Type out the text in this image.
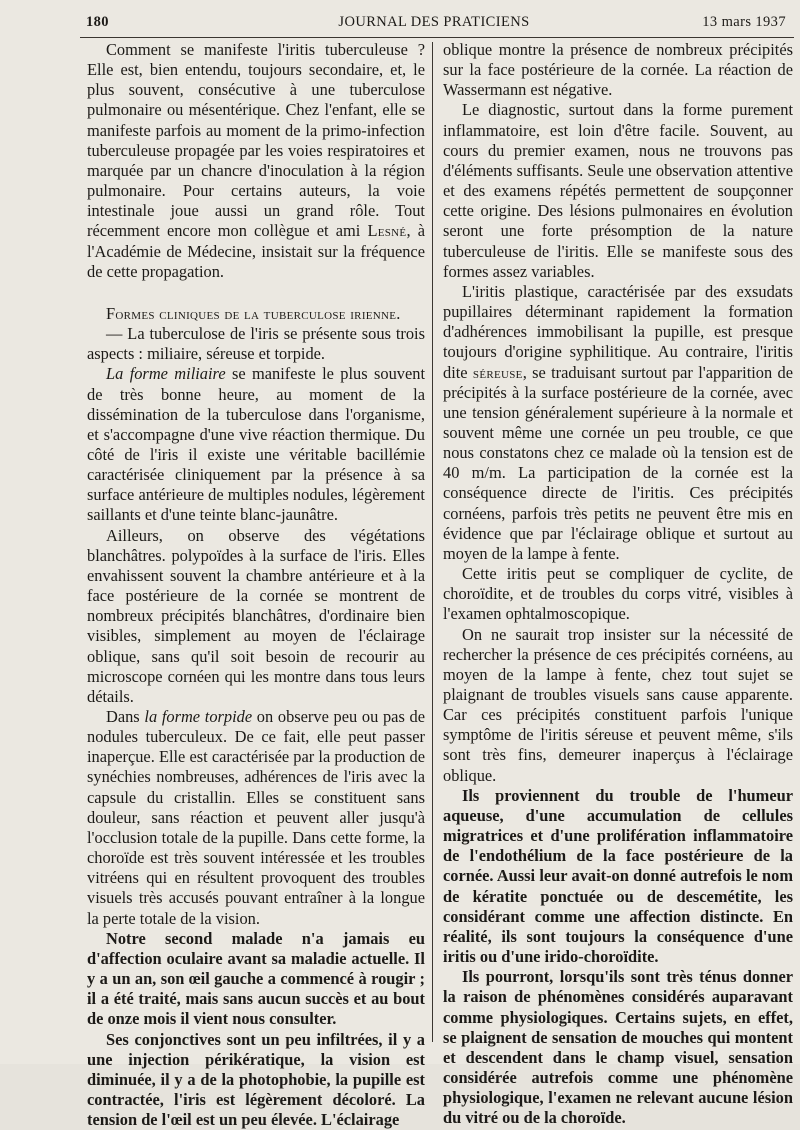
180	JOURNAL DES PRATICIENS	13 mars 1937

Comment se manifeste l'iritis tuberculeuse ? Elle est, bien entendu, toujours secondaire, et, le plus souvent, consécutive à une tuberculose pulmonaire ou mésentérique. Chez l'enfant, elle se manifeste parfois au moment de la primo-infection tuberculeuse propagée par les voies respiratoires et marquée par un chancre d'inoculation à la région pulmonaire. Pour certains auteurs, la voie intestinale joue aussi un grand rôle. Tout récemment encore mon collègue et ami Lesné, à l'Académie de Médecine, insistait sur la fréquence de cette propagation.

Formes cliniques de la tuberculose irienne.
— La tuberculose de l'iris se présente sous trois aspects : miliaire, séreuse et torpide.

La forme miliaire se manifeste le plus souvent de très bonne heure, au moment de la dissémination de la tuberculose dans l'organisme, et s'accompagne d'une vive réaction thermique. Du côté de l'iris il existe une véritable bacillémie caractérisée cliniquement par la présence à sa surface antérieure de multiples nodules, légèrement saillants et d'une teinte blanc-jaunâtre.

Ailleurs, on observe des végétations blanchâtres. polypoïdes à la surface de l'iris. Elles envahissent souvent la chambre antérieure et à la face postérieure de la cornée se montrent de nombreux précipités blanchâtres, d'ordinaire bien visibles, simplement au moyen de l'éclairage oblique, sans qu'il soit besoin de recourir au microscope cornéen qui les montre dans tous leurs détails.

Dans la forme torpide on observe peu ou pas de nodules tuberculeux. De ce fait, elle peut passer inaperçue. Elle est caractérisée par la production de synéchies nombreuses, adhérences de l'iris avec la capsule du cristallin. Elles se constituent sans douleur, sans réaction et peuvent aller jusqu'à l'occlusion totale de la pupille. Dans cette forme, la choroïde est très souvent intéressée et les troubles vitréens qui en résultent provoquent des troubles visuels très accusés pouvant entraîner à la longue la perte totale de la vision.

Notre second malade n'a jamais eu d'affection oculaire avant sa maladie actuelle. Il y a un an, son œil gauche a commencé à rougir ; il a été traité, mais sans aucun succès et au bout de onze mois il vient nous consulter.

Ses conjonctives sont un peu infiltrées, il y a une injection périkératique, la vision est diminuée, il y a de la photophobie, la pupille est contractée, l'iris est légèrement décoloré. La tension de l'œil est un peu élevée. L'éclairage

oblique montre la présence de nombreux précipités sur la face postérieure de la cornée. La réaction de Wassermann est négative.

Le diagnostic, surtout dans la forme purement inflammatoire, est loin d'être facile. Souvent, au cours du premier examen, nous ne trouvons pas d'éléments suffisants. Seule une observation attentive et des examens répétés permettent de soupçonner cette origine. Des lésions pulmonaires en évolution seront une forte présomption de la nature tuberculeuse de l'iritis. Elle se manifeste sous des formes assez variables.

L'iritis plastique, caractérisée par des exsudats pupillaires déterminant rapidement la formation d'adhérences immobilisant la pupille, est presque toujours d'origine syphilitique. Au contraire, l'iritis dite séreuse, se traduisant surtout par l'apparition de précipités à la surface postérieure de la cornée, avec une tension généralement supérieure à la normale et souvent même une cornée un peu trouble, ce que nous constatons chez ce malade où la tension est de 40 m/m. La participation de la cornée est la conséquence directe de l'iritis. Ces précipités cornéens, parfois très petits ne peuvent être mis en évidence que par l'éclairage oblique et surtout au moyen de la lampe à fente.

Cette iritis peut se compliquer de cyclite, de choroïdite, et de troubles du corps vitré, visibles à l'examen ophtalmoscopique.

On ne saurait trop insister sur la nécessité de rechercher la présence de ces précipités cornéens, au moyen de la lampe à fente, chez tout sujet se plaignant de troubles visuels sans cause apparente. Car ces précipités constituent parfois l'unique symptôme de l'iritis séreuse et peuvent même, s'ils sont très fins, demeurer inaperçus à l'éclairage oblique.

Ils proviennent du trouble de l'humeur aqueuse, d'une accumulation de cellules migratrices et d'une prolifération inflammatoire de l'endothélium de la face postérieure de la cornée. Aussi leur avait-on donné autrefois le nom de kératite ponctuée ou de descemétite, les considérant comme une affection distincte. En réalité, ils sont toujours la conséquence d'une iritis ou d'une irido-choroïdite.

Ils pourront, lorsqu'ils sont très ténus donner la raison de phénomènes considérés auparavant comme physiologiques. Certains sujets, en effet, se plaignent de sensation de mouches qui montent et descendent dans le champ visuel, sensation considérée autrefois comme une phénomène physiologique, l'examen ne relevant aucune lésion du vitré ou de la choroïde.
